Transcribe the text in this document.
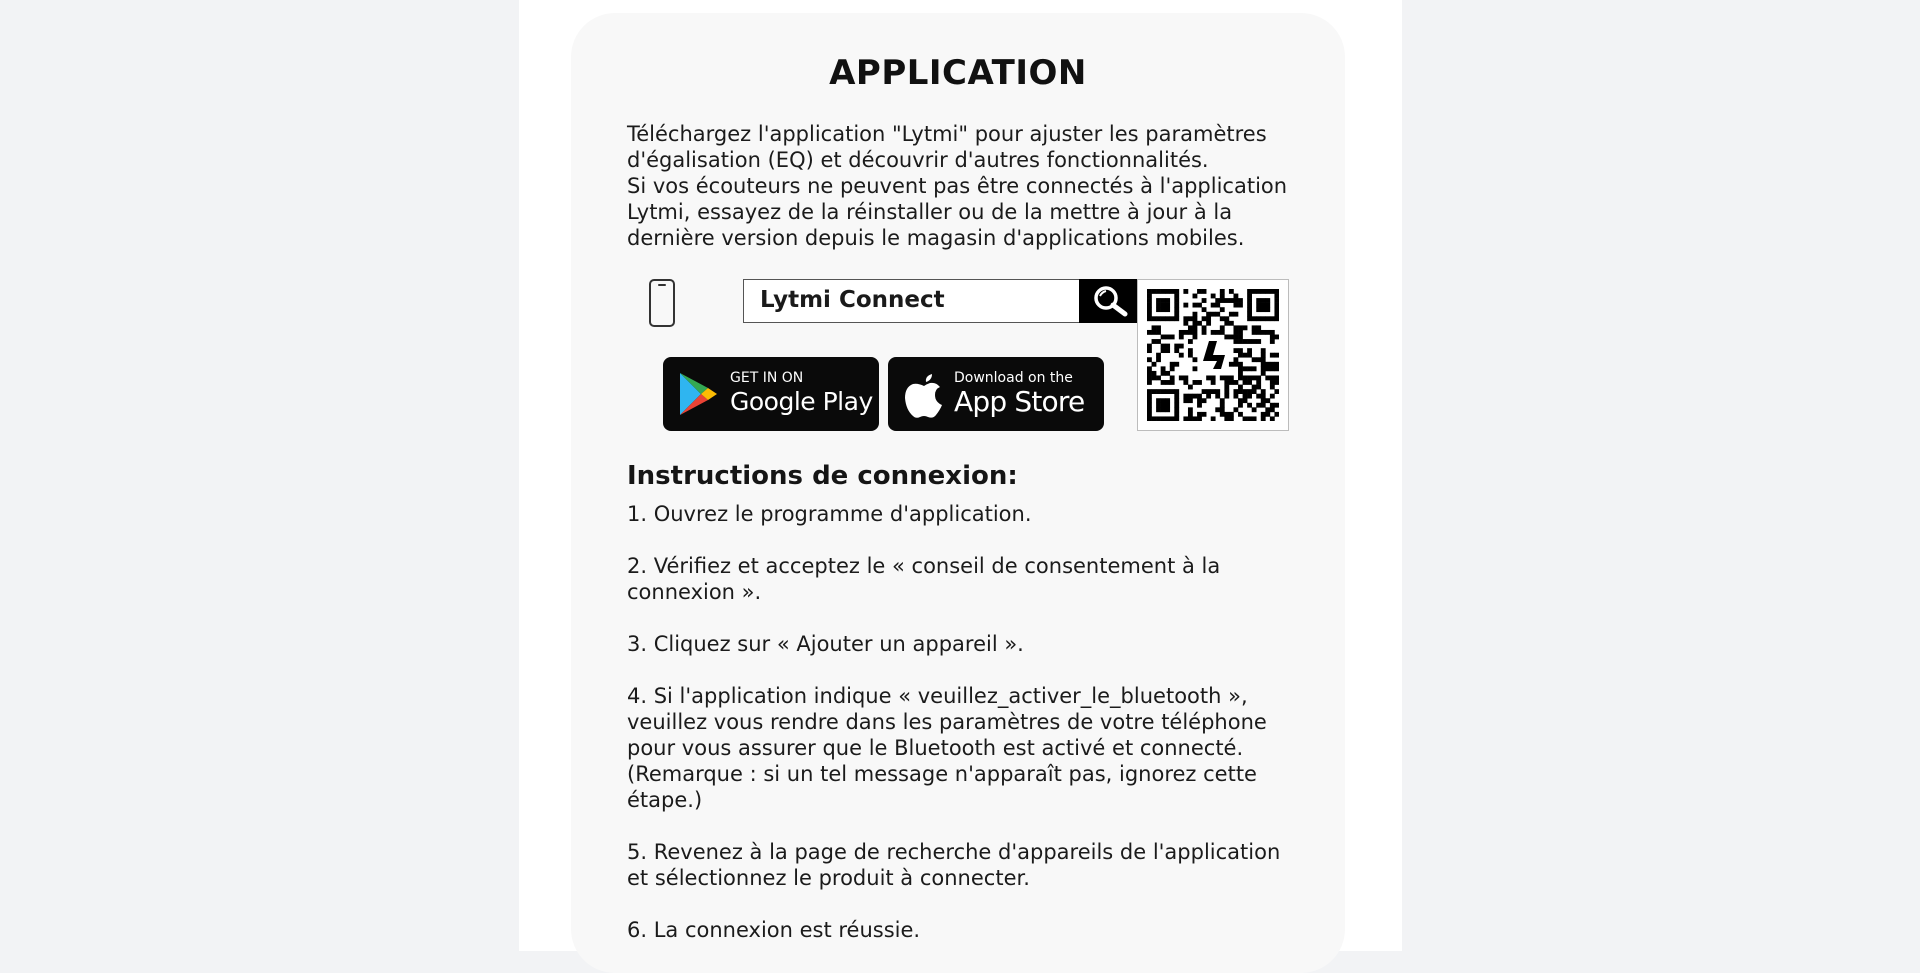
APPLICATION

Téléchargez l'application "Lytmi" pour ajuster les paramètres d'égalisation (EQ) et découvrir d'autres fonctionnalités.

Si vos écouteurs ne peuvent pas être connectés à l'application Lytmi, essayez de la réinstaller ou de la mettre à jour à la dernière version depuis le magasin d'applications mobiles.

Lytmi Connect
GET IN ON
Google Play
Download on the
App Store
Instructions de connexion:
1. Ouvrez le programme d'application.
2. Vérifiez et acceptez le « conseil de consentement à la connexion ».
3. Cliquez sur « Ajouter un appareil ».
4. Si l'application indique « veuillez_activer_le_bluetooth », veuillez vous rendre dans les paramètres de votre téléphone pour vous assurer que le Bluetooth est activé et connecté. (Remarque : si un tel message n'apparaît pas, ignorez cette étape.)
5. Revenez à la page de recherche d'appareils de l'application et sélectionnez le produit à connecter.
6. La connexion est réussie.
